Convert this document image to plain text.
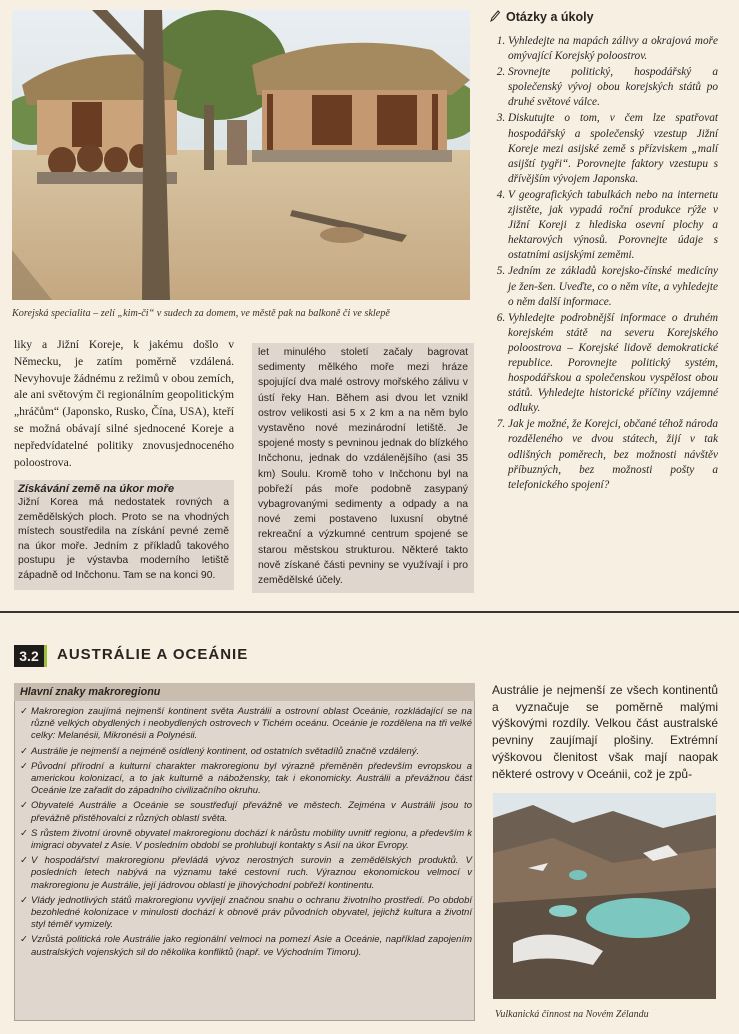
Korejská specialita – zelí „kim-či“ v sudech za domem, ve městě pak na balkoně či ve sklepě

liky a Jižní Koreje, k jakému došlo v Německu, je zatím poměrně vzdálená. Nevyhovuje žádnému z režimů v obou zemích, ale ani světovým či regionálním geopolitickým „hráčům“ (Japonsko, Rusko, Čína, USA), kteří se možná obávají silné sjednocené Koreje a nepředvídatelné politiky znovusjednoceného poloostrova.

Získávání země na úkor moře
Jižní Korea má nedostatek rovných a zemědělských ploch. Proto se na vhodných místech soustředila na získání pevné země na úkor moře. Jedním z příkladů takového postupu je výstavba moderního letiště západně od Inčchonu. Tam se na konci 90.
let minulého století začaly bagrovat sedimenty mělkého moře mezi hráze spojující dva malé ostrovy mořského zálivu v ústí řeky Han. Během asi dvou let vznikl ostrov velikosti asi 5 x 2 km a na něm bylo vystavěno nové mezinárodní letiště. Je spojené mosty s pevninou jednak do blízkého Inčchonu, jednak do vzdálenějšího (asi 35 km) Soulu. Kromě toho v Inčchonu byl na pobřeží pás moře podobně zasypaný vybagrovanými sedimenty a odpady a na nové zemi postaveno luxusní obytné rekreační a výzkumné centrum spojené se starou městskou strukturou. Některé takto nově získané části pevniny se využívají i pro zemědělské účely.
Otázky a úkoly
1. Vyhledejte na mapách zálivy a okrajová moře omývající Korejský poloostrov.
2. Srovnejte politický, hospodářský a společenský vývoj obou korejských států po druhé světové válce.
3. Diskutujte o tom, v čem lze spatřovat hospodářský a společenský vzestup Jižní Koreje mezi asijské země s přízviskem „malí asijští tygři“. Porovnejte faktory vzestupu s dřívějším vývojem Japonska.
4. V geografických tabulkách nebo na internetu zjistěte, jak vypadá roční produkce rýže v Jižní Koreji z hlediska osevní plochy a hektarových výnosů. Porovnejte údaje s ostatními asijskými zeměmi.
5. Jedním ze základů korejsko-čínské medicíny je žen-šen. Uveďte, co o něm víte, a vyhledejte o něm další informace.
6. Vyhledejte podrobnější informace o druhém korejském státě na severu Korejského poloostrova – Korejské lidově demokratické republice. Porovnejte politický systém, hospodářskou a společenskou vyspělost obou států. Vyhledejte historické příčiny vzájemné odluky.
7. Jak je možné, že Korejci, občané téhož národa rozděleného ve dvou státech, žijí v tak odlišných poměrech, bez možnosti návštěv příbuzných, bez možnosti pošty a telefonického spojení?
3.2	AUSTRÁLIE A OCEÁNIE
Hlavní znaky makroregionu
✓ Makroregion zaujímá nejmenší kontinent světa Austrálii a ostrovní oblast Oceánie, rozkládající se na různě velkých obydlených i neobydlených ostrovech v Tichém oceánu. Oceánie je rozdělena na tři velké celky: Melanésii, Mikronésii a Polynésii.
✓ Austrálie je nejmenší a nejméně osídlený kontinent, od ostatních světadílů značně vzdálený.
✓ Původní přírodní a kulturní charakter makroregionu byl výrazně přeměněn především evropskou a americkou kolonizací, a to jak kulturně a nábožensky, tak i ekonomicky. Austrálii a převážnou část Oceánie lze zařadit do západního civilizačního okruhu.
✓ Obyvatelé Austrálie a Oceánie se soustřeďují převážně ve městech. Zejména v Austrálii jsou to převážně přistěhovalci z různých oblastí světa.
✓ S růstem životní úrovně obyvatel makroregionu dochází k nárůstu mobility uvnitř regionu, a především k imigraci obyvatel z Asie. V posledním období se prohlubují kontakty s Asií na úkor Evropy.
✓ V hospodářství makroregionu převládá vývoz nerostných surovin a zemědělských produktů. V posledních letech nabývá na významu také cestovní ruch. Výraznou ekonomickou velmocí v makroregionu je Austrálie, její jádrovou oblastí je jihovýchodní pobřeží kontinentu.
✓ Vlády jednotlivých států makroregionu vyvíjejí značnou snahu o ochranu životního prostředí. Po období bezohledné kolonizace v minulosti dochází k obnově práv původních obyvatel, jejichž kultura a životní styl téměř vymizely.
✓ Vzrůstá politická role Austrálie jako regionální velmoci na pomezí Asie a Oceánie, například zapojením australských vojenských sil do několika konfliktů (např. ve Východním Timoru).
Austrálie je nejmenší ze všech kontinentů a vyznačuje se poměrně malými výškovými rozdíly. Velkou část australské pevniny zaujímají plošiny. Extrémní výškovou členitost však mají naopak některé ostrovy v Oceánii, což je způ-
Vulkanická činnost na Novém Zélandu
